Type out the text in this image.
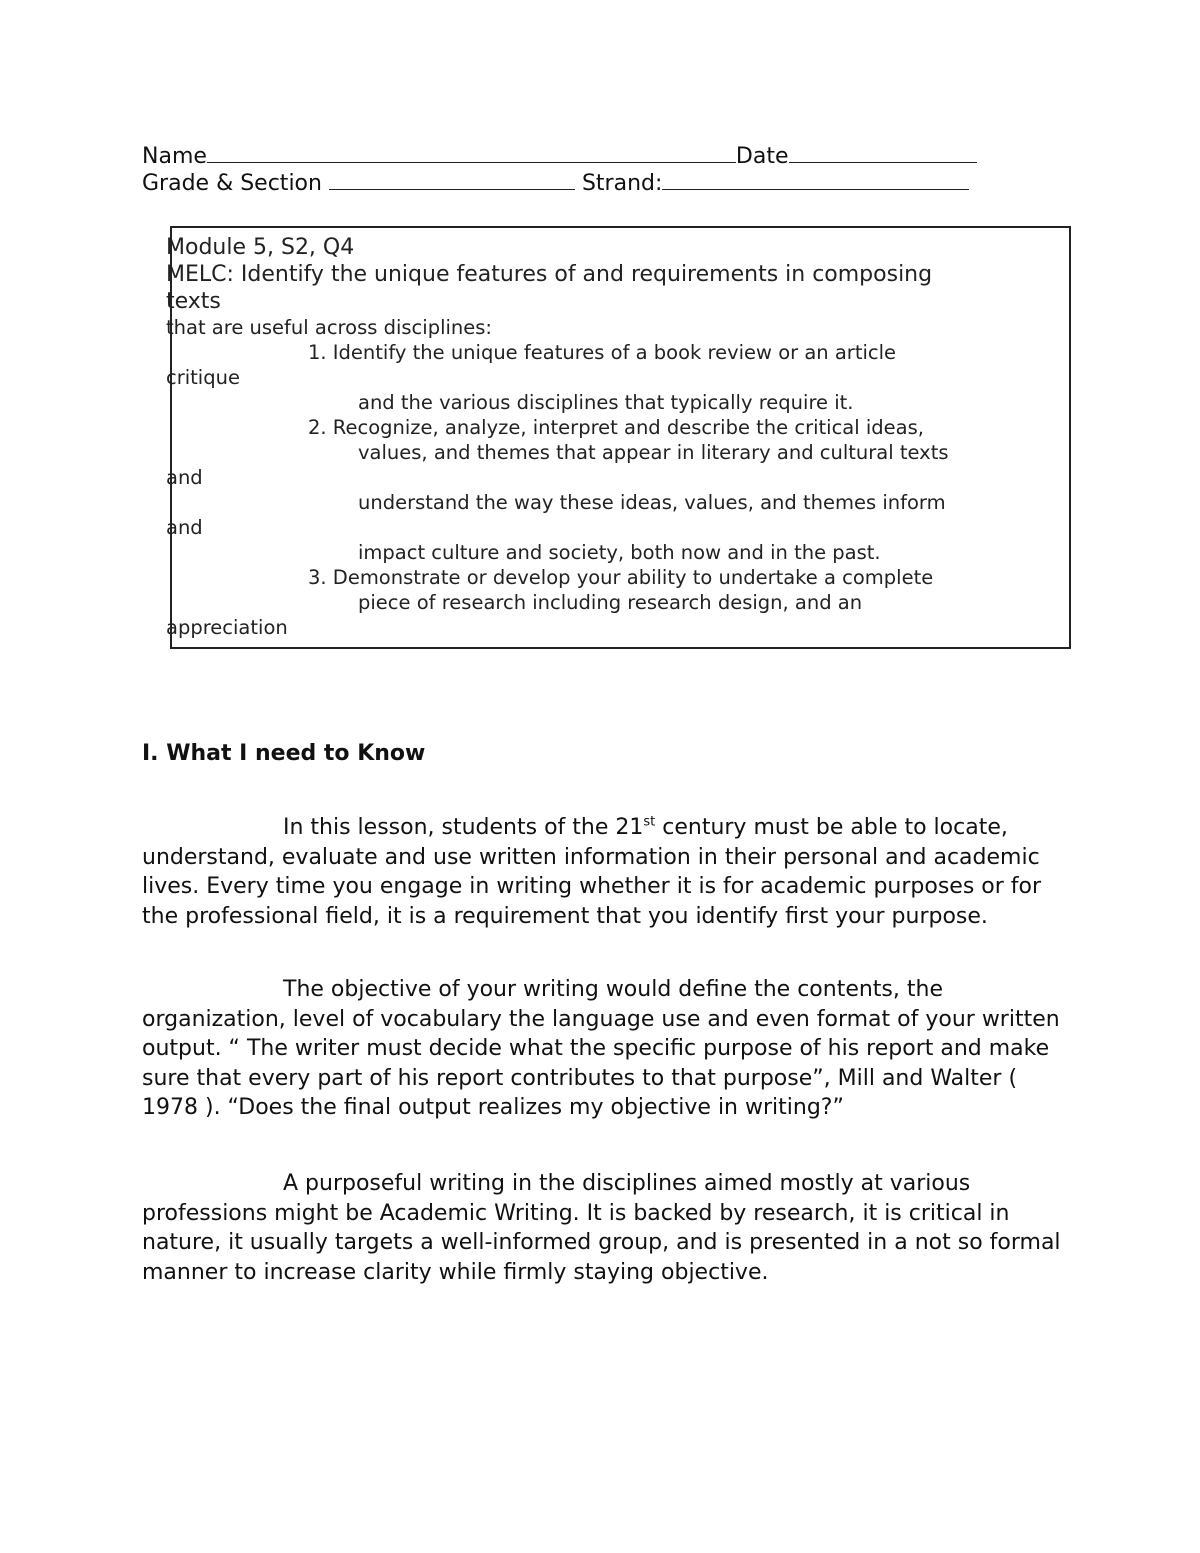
Name	Date
Grade & Section	Strand:
Module 5, S2, Q4
MELC: Identify the unique features of and requirements in composing
texts
that are useful across disciplines:
1. Identify the unique features of a book review or an article
critique
and the various disciplines that typically require it.
2. Recognize, analyze, interpret and describe the critical ideas,
values, and themes that appear in literary and cultural texts
and
understand the way these ideas, values, and themes inform
and
impact culture and society, both now and in the past.
3. Demonstrate or develop your ability to undertake a complete
piece of research including research design, and an
appreciation
I. What I need to Know
In this lesson, students of the 21st century must be able to locate, understand, evaluate and use written information in their personal and academic lives. Every time you engage in writing whether it is for academic purposes or for the professional field, it is a requirement that you identify first your purpose.
The objective of your writing would define the contents, the organization, level of vocabulary the language use and even format of your written output. “ The writer must decide what the specific purpose of his report and make sure that every part of his report contributes to that purpose”, Mill and Walter ( 1978 ). “Does the final output realizes my objective in writing?”
A purposeful writing in the disciplines aimed mostly at various professions might be Academic Writing. It is backed by research, it is critical in nature, it usually targets a well-informed group, and is presented in a not so formal manner to increase clarity while firmly staying objective.
